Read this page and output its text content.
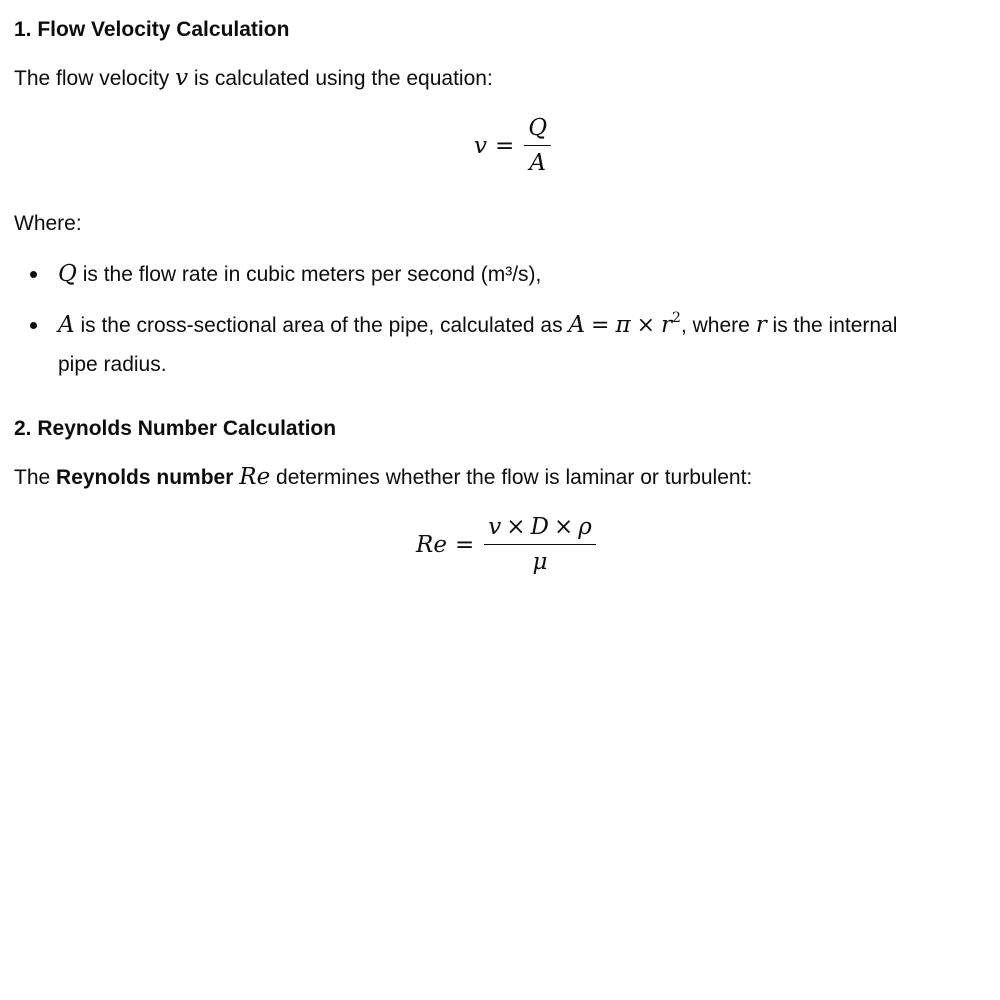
1. Flow Velocity Calculation

The flow velocity v is calculated using the equation:

$v = \frac{Q}{A}$

Where:

Q is the flow rate in cubic meters per second (m³/s),
A is the cross-sectional area of the pipe, calculated as $A = \pi \times r^2$, where r is the internal
pipe radius.
2. Reynolds Number Calculation

The Reynolds number Re determines whether the flow is laminar or turbulent:

$Re = \frac{v \times D \times \rho}{\mu}$
